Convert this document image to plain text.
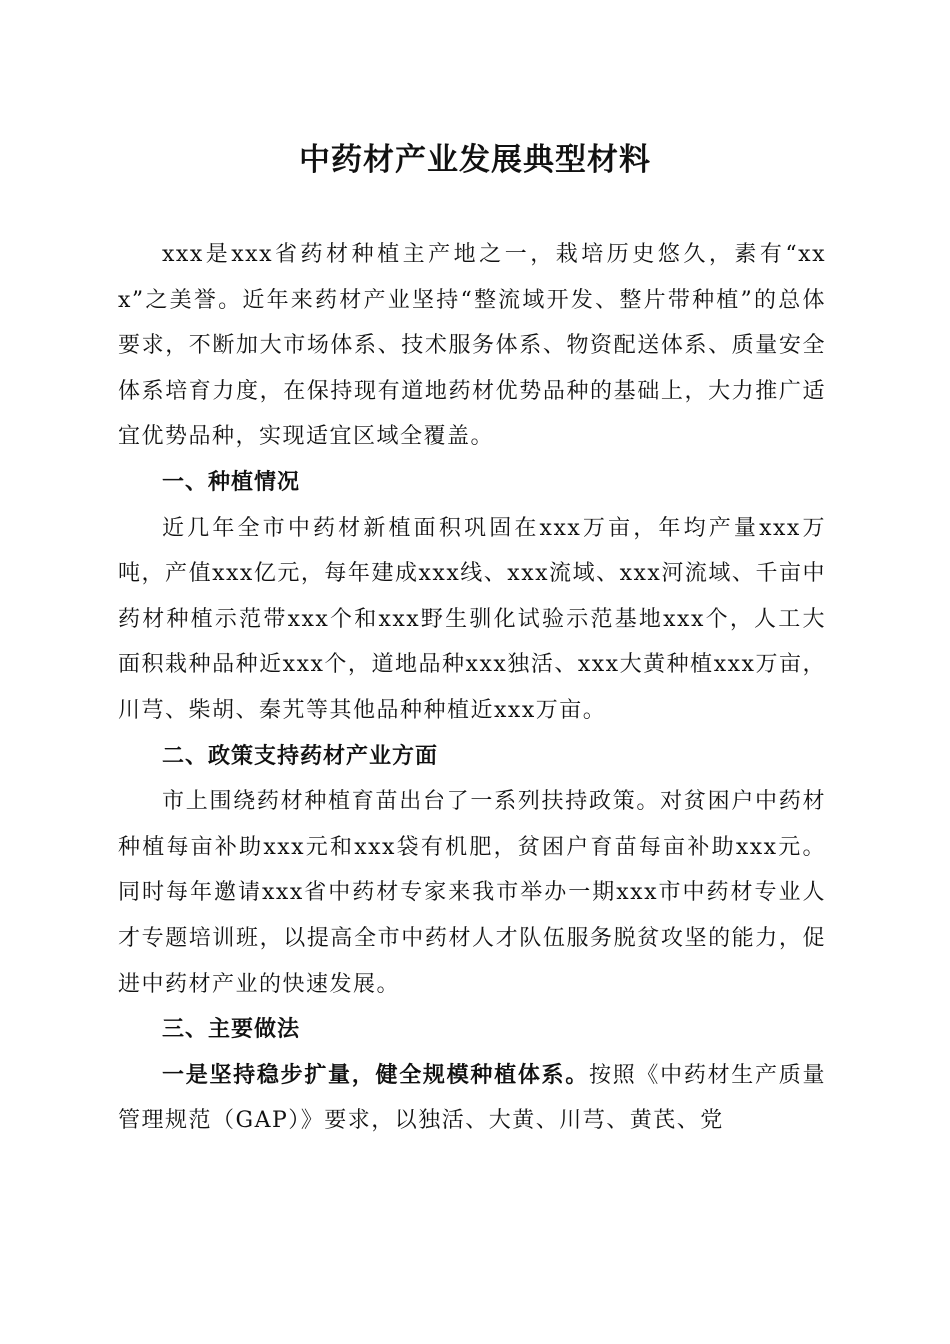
中药材产业发展典型材料

xxx是xxx省药材种植主产地之一，栽培历史悠久，素有“xxx”之美誉。近年来药材产业坚持“整流域开发、整片带种植”的总体要求，不断加大市场体系、技术服务体系、物资配送体系、质量安全体系培育力度，在保持现有道地药材优势品种的基础上，大力推广适宜优势品种，实现适宜区域全覆盖。

一、种植情况

近几年全市中药材新植面积巩固在xxx万亩，年均产量xxx万吨，产值xxx亿元，每年建成xxx线、xxx流域、xxx河流域、千亩中药材种植示范带xxx个和xxx野生驯化试验示范基地xxx个，人工大面积栽种品种近xxx个，道地品种xxx独活、xxx大黄种植xxx万亩，川芎、柴胡、秦艽等其他品种种植近xxx万亩。

二、政策支持药材产业方面

市上围绕药材种植育苗出台了一系列扶持政策。对贫困户中药材种植每亩补助xxx元和xxx袋有机肥，贫困户育苗每亩补助xxx元。同时每年邀请xxx省中药材专家来我市举办一期xxx市中药材专业人才专题培训班，以提高全市中药材人才队伍服务脱贫攻坚的能力，促进中药材产业的快速发展。

三、主要做法

一是坚持稳步扩量，健全规模种植体系。按照《中药材生产质量管理规范（GAP）》要求，以独活、大黄、川芎、黄芪、党
